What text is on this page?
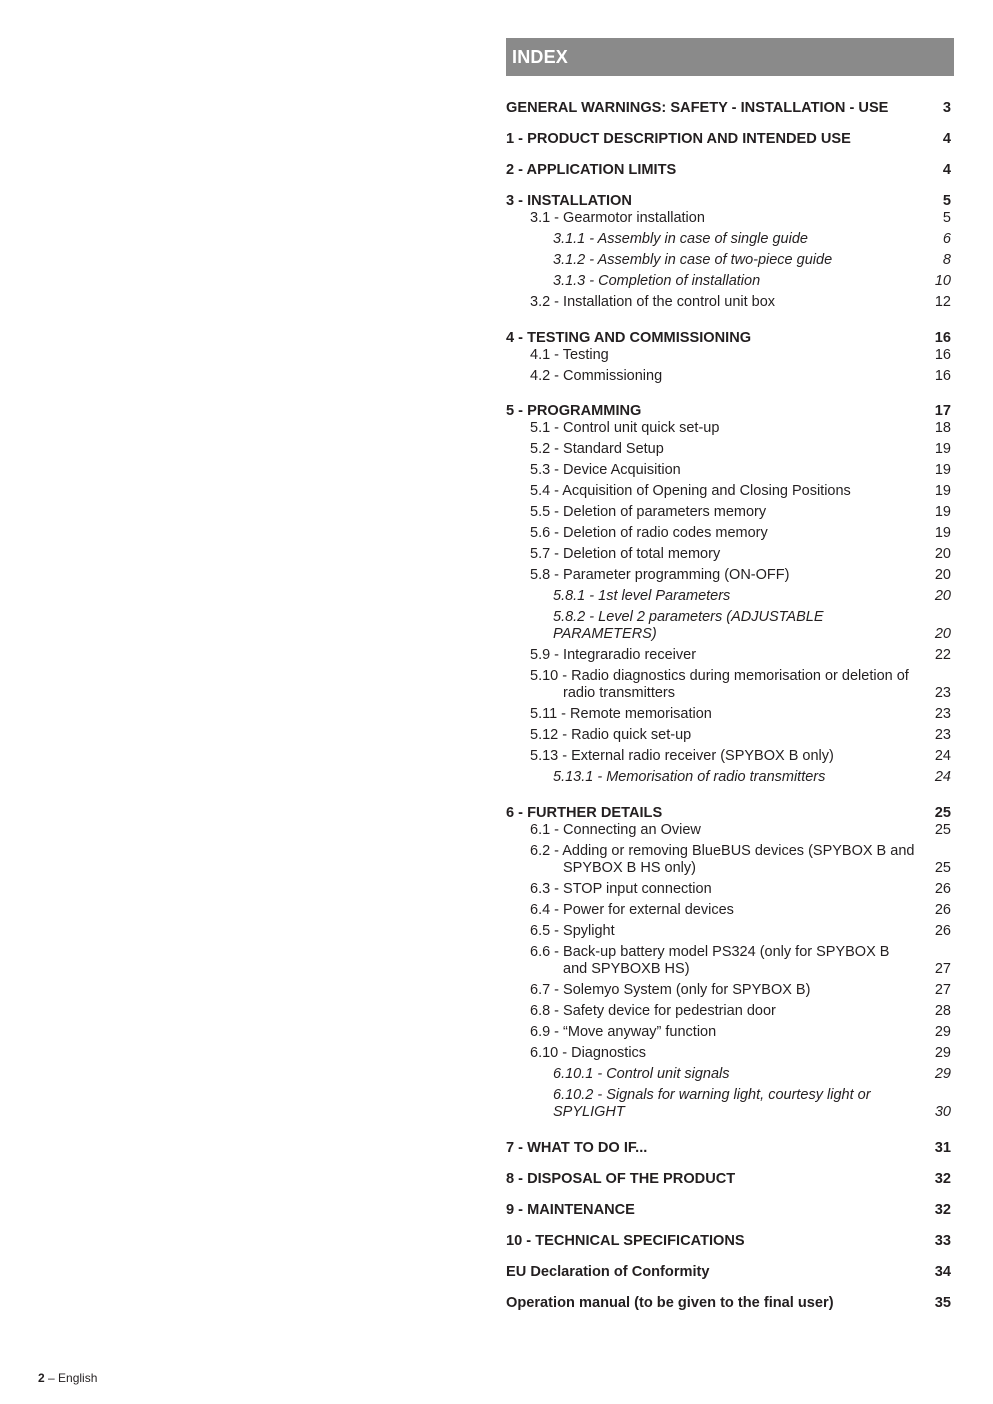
INDEX
GENERAL WARNINGS: SAFETY - INSTALLATION - USE	3
1 - PRODUCT DESCRIPTION AND INTENDED USE	4
2 - APPLICATION LIMITS	4
3 - INSTALLATION	5
3.1 - Gearmotor installation	5
3.1.1 - Assembly in case of single guide	6
3.1.2 - Assembly in case of two-piece guide	8
3.1.3 - Completion of installation	10
3.2 - Installation of the control unit box	12
4 - TESTING AND COMMISSIONING	16
4.1 - Testing	16
4.2 - Commissioning	16
5 - PROGRAMMING	17
5.1 - Control unit quick set-up	18
5.2 - Standard Setup	19
5.3 - Device Acquisition	19
5.4 - Acquisition of Opening and Closing Positions	19
5.5 - Deletion of parameters memory	19
5.6 - Deletion of radio codes memory	19
5.7 - Deletion of total memory	20
5.8 - Parameter programming (ON-OFF)	20
5.8.1 - 1st level Parameters	20
5.8.2 - Level 2 parameters (ADJUSTABLE PARAMETERS)	20
5.9 - Integraradio receiver	22
5.10 - Radio diagnostics during memorisation or deletion of radio transmitters	23
5.11 - Remote memorisation	23
5.12 - Radio quick set-up	23
5.13 - External radio receiver (SPYBOX B only)	24
5.13.1 - Memorisation of radio transmitters	24
6 - FURTHER DETAILS	25
6.1 - Connecting an Oview	25
6.2 - Adding or removing BlueBUS devices (SPYBOX B and SPYBOX B HS only)	25
6.3 - STOP input connection	26
6.4 - Power for external devices	26
6.5 - Spylight	26
6.6 - Back-up battery model PS324 (only for SPYBOX B and SPYBOXB HS)	27
6.7 - Solemyo System (only for SPYBOX B)	27
6.8 - Safety device for pedestrian door	28
6.9 - “Move anyway” function	29
6.10 - Diagnostics	29
6.10.1 - Control unit signals	29
6.10.2 - Signals for warning light, courtesy light or SPYLIGHT	30
7 - WHAT TO DO IF...	31
8 - DISPOSAL OF THE PRODUCT	32
9 - MAINTENANCE	32
10 - TECHNICAL SPECIFICATIONS	33
EU Declaration of Conformity	34
Operation manual (to be given to the final user)	35
2 – English
